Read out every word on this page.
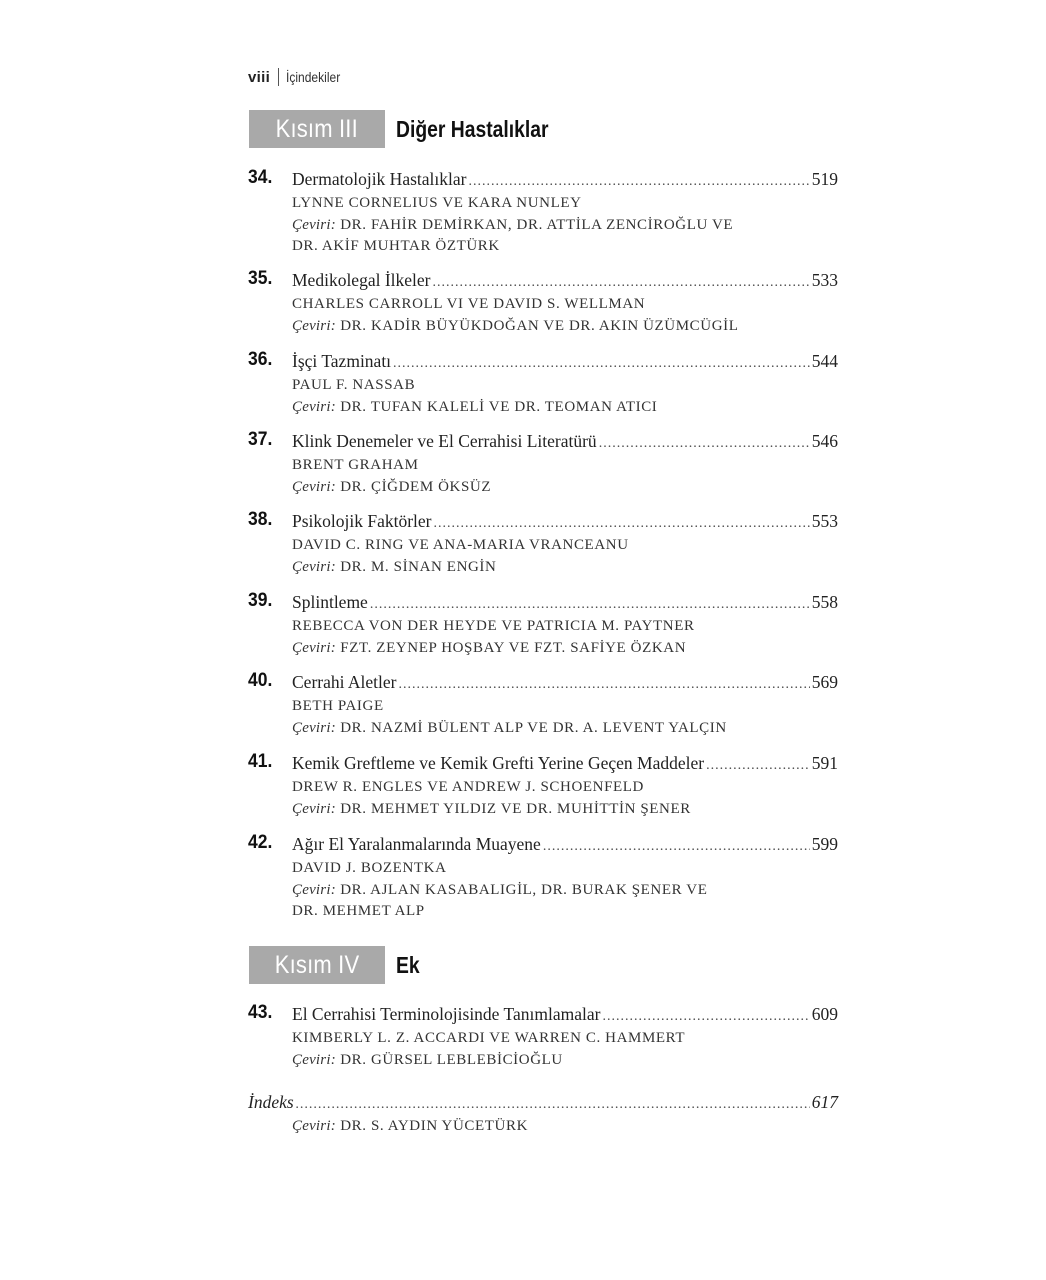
viii İçindekiler
Kısım III Diğer Hastalıklar
34. Dermatolojik Hastalıklar .....	519
LYNNE CORNELIUS VE KARA NUNLEY
Çeviri: DR. FAHİR DEMİRKAN, DR. ATTİLA ZENCİROĞLU VE
DR. AKİF MUHTAR ÖZTÜRK
35. Medikolegal İlkeler .....	533
CHARLES CARROLL VI VE DAVID S. WELLMAN
Çeviri: DR. KADİR BÜYÜKDOĞAN VE DR. AKIN ÜZÜMCÜGİL
36. İşçi Tazminatı .....	544
PAUL F. NASSAB
Çeviri: DR. TUFAN KALELİ VE DR. TEOMAN ATICI
37. Klink Denemeler ve El Cerrahisi Literatürü .....	546
BRENT GRAHAM
Çeviri: DR. ÇİĞDEM ÖKSÜZ
38. Psikolojik Faktörler .....	553
DAVID C. RING VE ANA-MARIA VRANCEANU
Çeviri: DR. M. SİNAN ENGİN
39. Splintleme .....	558
REBECCA VON DER HEYDE VE PATRICIA M. PAYTNER
Çeviri: FZT. ZEYNEP HOŞBAY VE FZT. SAFİYE ÖZKAN
40. Cerrahi Aletler .....	569
BETH PAIGE
Çeviri: DR. NAZMİ BÜLENT ALP VE DR. A. LEVENT YALÇIN
41. Kemik Greftleme ve Kemik Grefti Yerine Geçen Maddeler .....	591
DREW R. ENGLES VE ANDREW J. SCHOENFELD
Çeviri: DR. MEHMET YILDIZ VE DR. MUHİTTİN ŞENER
42. Ağır El Yaralanmalarında Muayene .....	599
DAVID J. BOZENTKA
Çeviri: DR. AJLAN KASABALIGİL, DR. BURAK ŞENER VE
DR. MEHMET ALP
Kısım IV Ek
43. El Cerrahisi Terminolojisinde Tanımlamalar .....	609
KIMBERLY L. Z. ACCARDI VE WARREN C. HAMMERT
Çeviri: DR. GÜRSEL LEBLEBİCİOĞLU
İndeks .....	617
Çeviri: DR. S. AYDIN YÜCETÜRK
